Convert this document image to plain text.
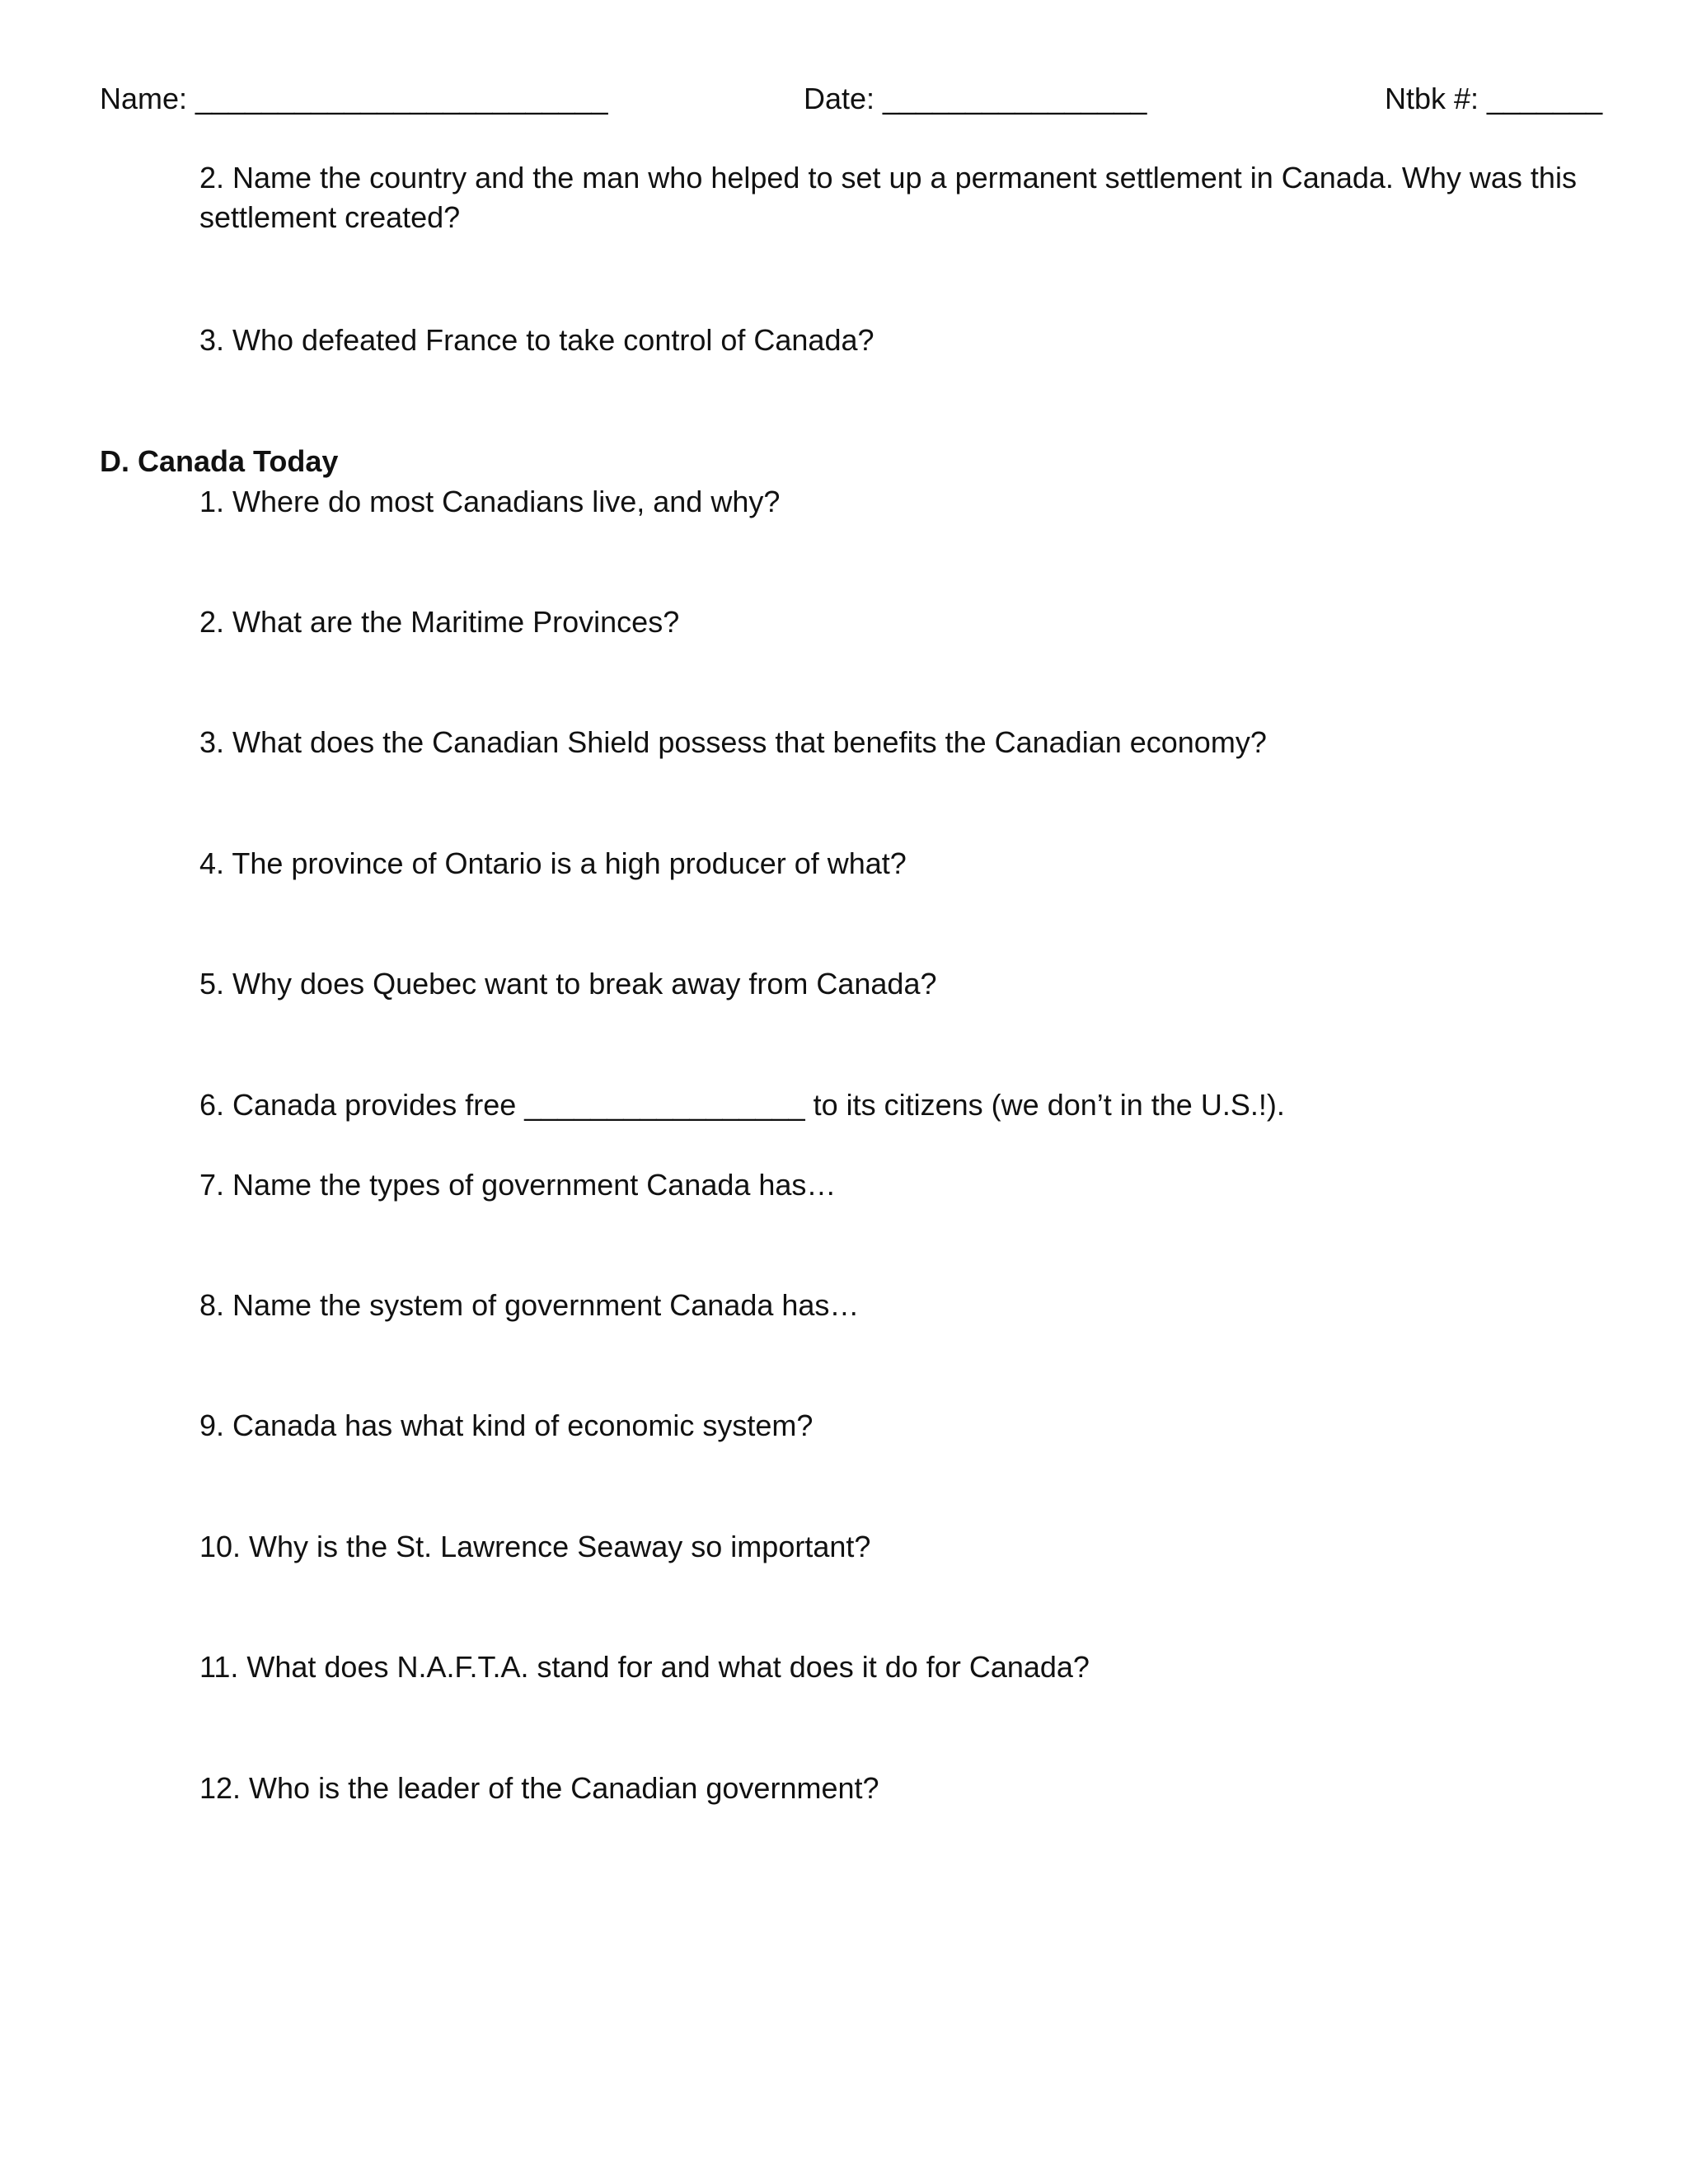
Name: _________________________	Date: ________________	Ntbk #: _______
2. Name the country and the man who helped to set up a permanent settlement in Canada. Why was this settlement created?
3. Who defeated France to take control of Canada?
D. Canada Today
1. Where do most Canadians live, and why?
2. What are the Maritime Provinces?
3. What does the Canadian Shield possess that benefits the Canadian economy?
4. The province of Ontario is a high producer of what?
5. Why does Quebec want to break away from Canada?
6. Canada provides free _________________ to its citizens (we don’t in the U.S.!).
7. Name the types of government Canada has…
8. Name the system of government Canada has…
9. Canada has what kind of economic system?
10. Why is the St. Lawrence Seaway so important?
11. What does N.A.F.T.A. stand for and what does it do for Canada?
12. Who is the leader of the Canadian government?
